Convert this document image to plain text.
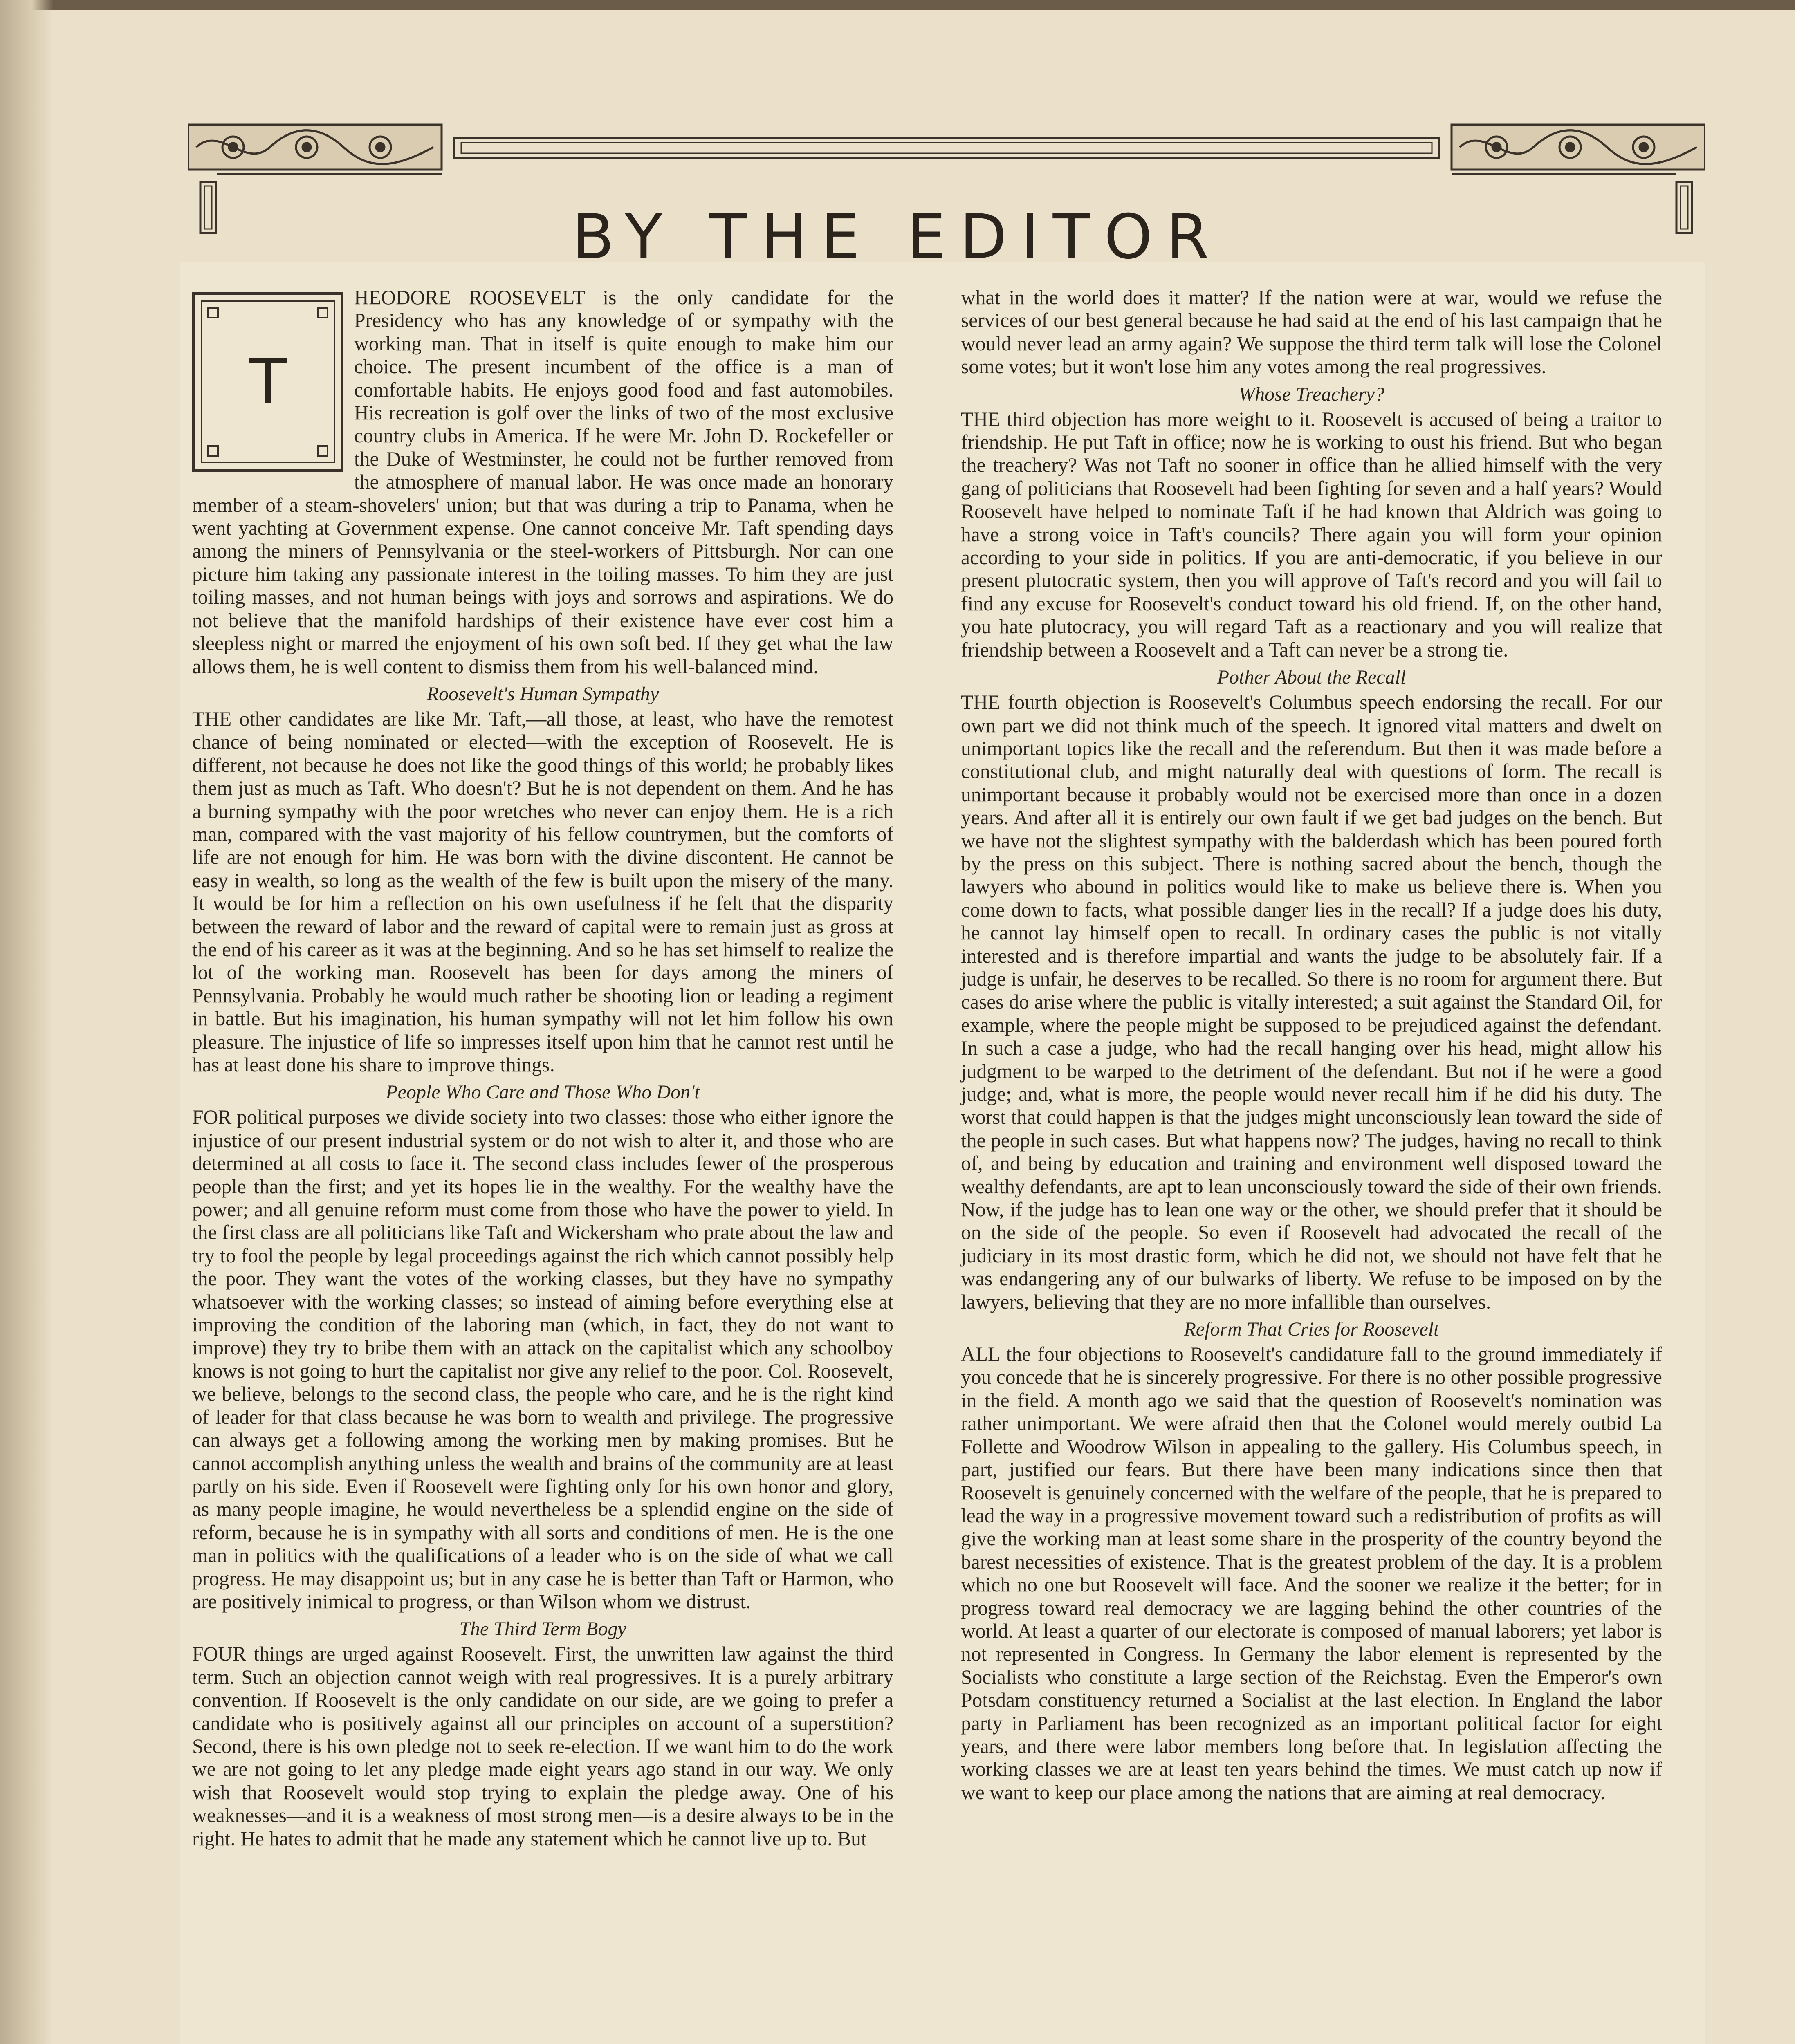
BY THE EDITOR
T

HEODORE ROOSEVELT is the only candidate for the Presidency who has any knowledge of or sympathy with the working man. That in itself is quite enough to make him our choice. The present incumbent of the office is a man of comfortable habits. He enjoys good food and fast automobiles. His recreation is golf over the links of two of the most exclusive country clubs in America. If he were Mr. John D. Rockefeller or the Duke of Westminster, he could not be further removed from the atmosphere of manual labor. He was once made an honorary member of a steam-shovelers' union; but that was during a trip to Panama, when he went yachting at Government expense. One cannot conceive Mr. Taft spending days among the miners of Pennsylvania or the steel-workers of Pittsburgh. Nor can one picture him taking any passionate interest in the toiling masses. To him they are just toiling masses, and not human beings with joys and sorrows and aspirations. We do not believe that the manifold hardships of their existence have ever cost him a sleepless night or marred the enjoyment of his own soft bed. If they get what the law allows them, he is well content to dismiss them from his well-balanced mind.

Roosevelt's Human Sympathy

THE other candidates are like Mr. Taft,—all those, at least, who have the remotest chance of being nominated or elected—with the exception of Roosevelt. He is different, not because he does not like the good things of this world; he probably likes them just as much as Taft. Who doesn't? But he is not dependent on them. And he has a burning sympathy with the poor wretches who never can enjoy them. He is a rich man, compared with the vast majority of his fellow countrymen, but the comforts of life are not enough for him. He was born with the divine discontent. He cannot be easy in wealth, so long as the wealth of the few is built upon the misery of the many. It would be for him a reflection on his own usefulness if he felt that the disparity between the reward of labor and the reward of capital were to remain just as gross at the end of his career as it was at the beginning. And so he has set himself to realize the lot of the working man. Roosevelt has been for days among the miners of Pennsylvania. Probably he would much rather be shooting lion or leading a regiment in battle. But his imagination, his human sympathy will not let him follow his own pleasure. The injustice of life so impresses itself upon him that he cannot rest until he has at least done his share to improve things.

People Who Care and Those Who Don't

FOR political purposes we divide society into two classes: those who either ignore the injustice of our present industrial system or do not wish to alter it, and those who are determined at all costs to face it. The second class includes fewer of the prosperous people than the first; and yet its hopes lie in the wealthy. For the wealthy have the power; and all genuine reform must come from those who have the power to yield. In the first class are all politicians like Taft and Wickersham who prate about the law and try to fool the people by legal proceedings against the rich which cannot possibly help the poor. They want the votes of the working classes, but they have no sympathy whatsoever with the working classes; so instead of aiming before everything else at improving the condition of the laboring man (which, in fact, they do not want to improve) they try to bribe them with an attack on the capitalist which any schoolboy knows is not going to hurt the capitalist nor give any relief to the poor. Col. Roosevelt, we believe, belongs to the second class, the people who care, and he is the right kind of leader for that class because he was born to wealth and privilege. The progressive can always get a following among the working men by making promises. But he cannot accomplish anything unless the wealth and brains of the community are at least partly on his side. Even if Roosevelt were fighting only for his own honor and glory, as many people imagine, he would nevertheless be a splendid engine on the side of reform, because he is in sympathy with all sorts and conditions of men. He is the one man in politics with the qualifications of a leader who is on the side of what we call progress. He may disappoint us; but in any case he is better than Taft or Harmon, who are positively inimical to progress, or than Wilson whom we distrust.

The Third Term Bogy

FOUR things are urged against Roosevelt. First, the unwritten law against the third term. Such an objection cannot weigh with real progressives. It is a purely arbitrary convention. If Roosevelt is the only candidate on our side, are we going to prefer a candidate who is positively against all our principles on account of a superstition? Second, there is his own pledge not to seek re-election. If we want him to do the work we are not going to let any pledge made eight years ago stand in our way. We only wish that Roosevelt would stop trying to explain the pledge away. One of his weaknesses—and it is a weakness of most strong men—is a desire always to be in the right. He hates to admit that he made any statement which he cannot live up to. But

what in the world does it matter? If the nation were at war, would we refuse the services of our best general because he had said at the end of his last campaign that he would never lead an army again? We suppose the third term talk will lose the Colonel some votes; but it won't lose him any votes among the real progressives.

Whose Treachery?

THE third objection has more weight to it. Roosevelt is accused of being a traitor to friendship. He put Taft in office; now he is working to oust his friend. But who began the treachery? Was not Taft no sooner in office than he allied himself with the very gang of politicians that Roosevelt had been fighting for seven and a half years? Would Roosevelt have helped to nominate Taft if he had known that Aldrich was going to have a strong voice in Taft's councils? There again you will form your opinion according to your side in politics. If you are anti-democratic, if you believe in our present plutocratic system, then you will approve of Taft's record and you will fail to find any excuse for Roosevelt's conduct toward his old friend. If, on the other hand, you hate plutocracy, you will regard Taft as a reactionary and you will realize that friendship between a Roosevelt and a Taft can never be a strong tie.

Pother About the Recall

THE fourth objection is Roosevelt's Columbus speech endorsing the recall. For our own part we did not think much of the speech. It ignored vital matters and dwelt on unimportant topics like the recall and the referendum. But then it was made before a constitutional club, and might naturally deal with questions of form. The recall is unimportant because it probably would not be exercised more than once in a dozen years. And after all it is entirely our own fault if we get bad judges on the bench. But we have not the slightest sympathy with the balderdash which has been poured forth by the press on this subject. There is nothing sacred about the bench, though the lawyers who abound in politics would like to make us believe there is. When you come down to facts, what possible danger lies in the recall? If a judge does his duty, he cannot lay himself open to recall. In ordinary cases the public is not vitally interested and is therefore impartial and wants the judge to be absolutely fair. If a judge is unfair, he deserves to be recalled. So there is no room for argument there. But cases do arise where the public is vitally interested; a suit against the Standard Oil, for example, where the people might be supposed to be prejudiced against the defendant. In such a case a judge, who had the recall hanging over his head, might allow his judgment to be warped to the detriment of the defendant. But not if he were a good judge; and, what is more, the people would never recall him if he did his duty. The worst that could happen is that the judges might unconsciously lean toward the side of the people in such cases. But what happens now? The judges, having no recall to think of, and being by education and training and environment well disposed toward the wealthy defendants, are apt to lean unconsciously toward the side of their own friends. Now, if the judge has to lean one way or the other, we should prefer that it should be on the side of the people. So even if Roosevelt had advocated the recall of the judiciary in its most drastic form, which he did not, we should not have felt that he was endangering any of our bulwarks of liberty. We refuse to be imposed on by the lawyers, believing that they are no more infallible than ourselves.

Reform That Cries for Roosevelt

ALL the four objections to Roosevelt's candidature fall to the ground immediately if you concede that he is sincerely progressive. For there is no other possible progressive in the field. A month ago we said that the question of Roosevelt's nomination was rather unimportant. We were afraid then that the Colonel would merely outbid La Follette and Woodrow Wilson in appealing to the gallery. His Columbus speech, in part, justified our fears. But there have been many indications since then that Roosevelt is genuinely concerned with the welfare of the people, that he is prepared to lead the way in a progressive movement toward such a redistribution of profits as will give the working man at least some share in the prosperity of the country beyond the barest necessities of existence. That is the greatest problem of the day. It is a problem which no one but Roosevelt will face. And the sooner we realize it the better; for in progress toward real democracy we are lagging behind the other countries of the world. At least a quarter of our electorate is composed of manual laborers; yet labor is not represented in Congress. In Germany the labor element is represented by the Socialists who constitute a large section of the Reichstag. Even the Emperor's own Potsdam constituency returned a Socialist at the last election. In England the labor party in Parliament has been recognized as an important political factor for eight years, and there were labor members long before that. In legislation affecting the working classes we are at least ten years behind the times. We must catch up now if we want to keep our place among the nations that are aiming at real democracy.
